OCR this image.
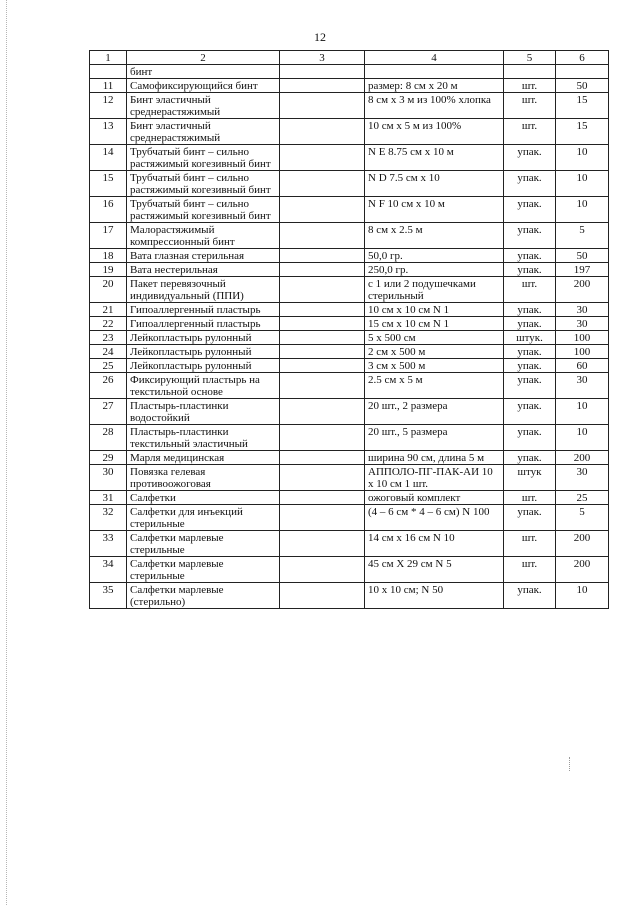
12
1	2	3	4	5	6
	бинт				
11	Самофиксирующийся бинт		размер: 8 см х 20 м	шт.	50
12	Бинт эластичный среднерастяжимый		8 см х 3 м из 100% хлопка	шт.	15
13	Бинт эластичный среднерастяжимый		10 см х 5 м из 100%	шт.	15
14	Трубчатый бинт – сильно растяжимый когезивный бинт		N E 8.75 см х 10 м	упак.	10
15	Трубчатый бинт – сильно растяжимый когезивный бинт		N D 7.5 см х 10	упак.	10
16	Трубчатый бинт – сильно растяжимый когезивный бинт		N F 10 см х 10 м	упак.	10
17	Малорастяжимый компрессионный бинт		8 см х 2.5 м	упак.	5
18	Вата глазная стерильная		50,0 гр.	упак.	50
19	Вата нестерильная		250,0 гр.	упак.	197
20	Пакет перевязочный индивидуальный (ППИ)		с 1 или 2 подушечками стерильный	шт.	200
21	Гипоаллергенный пластырь		10 см х 10 см N 1	упак.	30
22	Гипоаллергенный пластырь		15 см х 10 см N 1	упак.	30
23	Лейкопластырь рулонный		5 х 500 см	штук.	100
24	Лейкопластырь рулонный		2 см х 500 м	упак.	100
25	Лейкопластырь рулонный		3 см х 500 м	упак.	60
26	Фиксирующий пластырь на текстильной основе		2.5 см х 5 м	упак.	30
27	Пластырь-пластинки водостойкий		20 шт., 2 размера	упак.	10
28	Пластырь-пластинки текстильный эластичный		20 шт., 5 размера	упак.	10
29	Марля медицинская		ширина 90 см, длина 5 м	упак.	200
30	Повязка гелевая противоожоговая		АППОЛО-ПГ-ПАК-АИ 10 х 10 см 1 шт.	штук	30
31	Салфетки		ожоговый комплект	шт.	25
32	Салфетки для инъекций стерильные		(4 – 6 см * 4 – 6 см) N 100	упак.	5
33	Салфетки марлевые стерильные		14 см х 16 см N 10	шт.	200
34	Салфетки марлевые стерильные		45 см Х 29 см N 5	шт.	200
35	Салфетки марлевые (стерильно)		10 х 10 см; N 50	упак.	10
